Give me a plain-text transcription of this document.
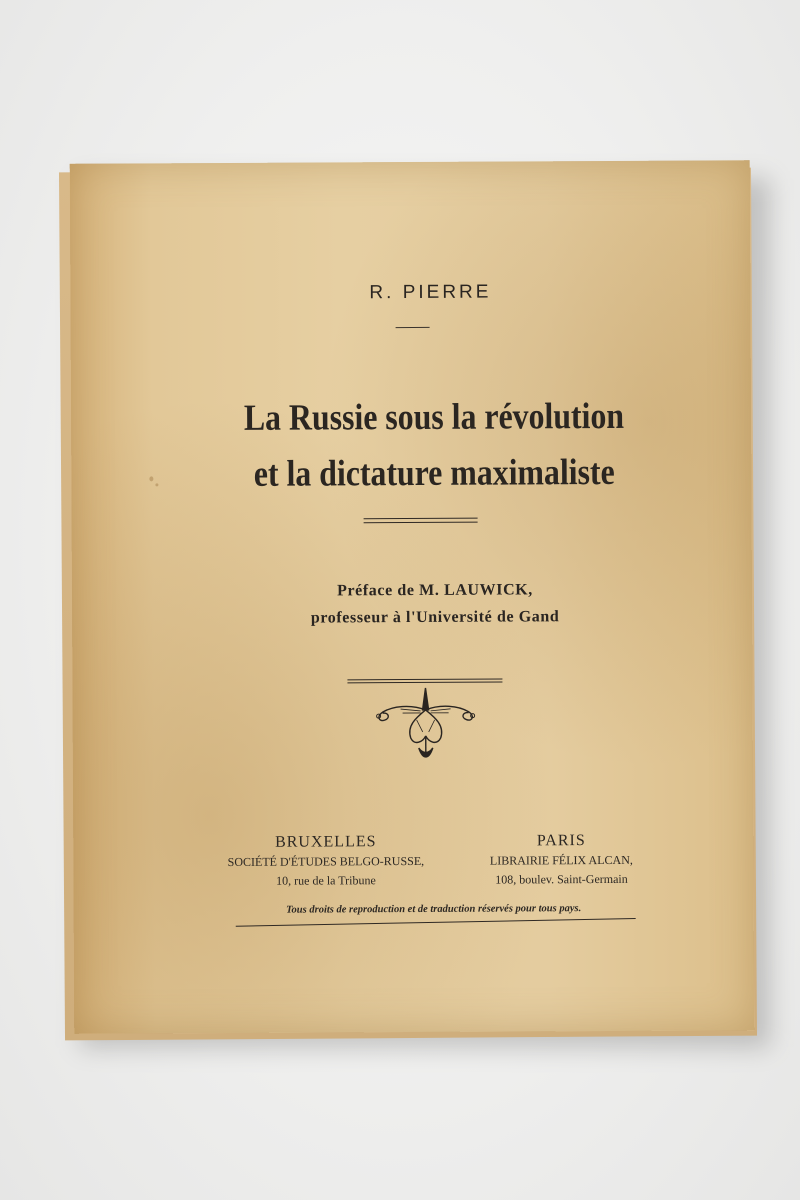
R. PIERRE
La Russie sous la révolution
et la dictature maximaliste
Préface de M. LAUWICK,
professeur à l'Université de Gand
BRUXELLES
SOCIÉTÉ D'ÉTUDES BELGO-RUSSE,
10, rue de la Tribune
PARIS
LIBRAIRIE FÉLIX ALCAN,
108, boulev. Saint-Germain
Tous droits de reproduction et de traduction réservés pour tous pays.
